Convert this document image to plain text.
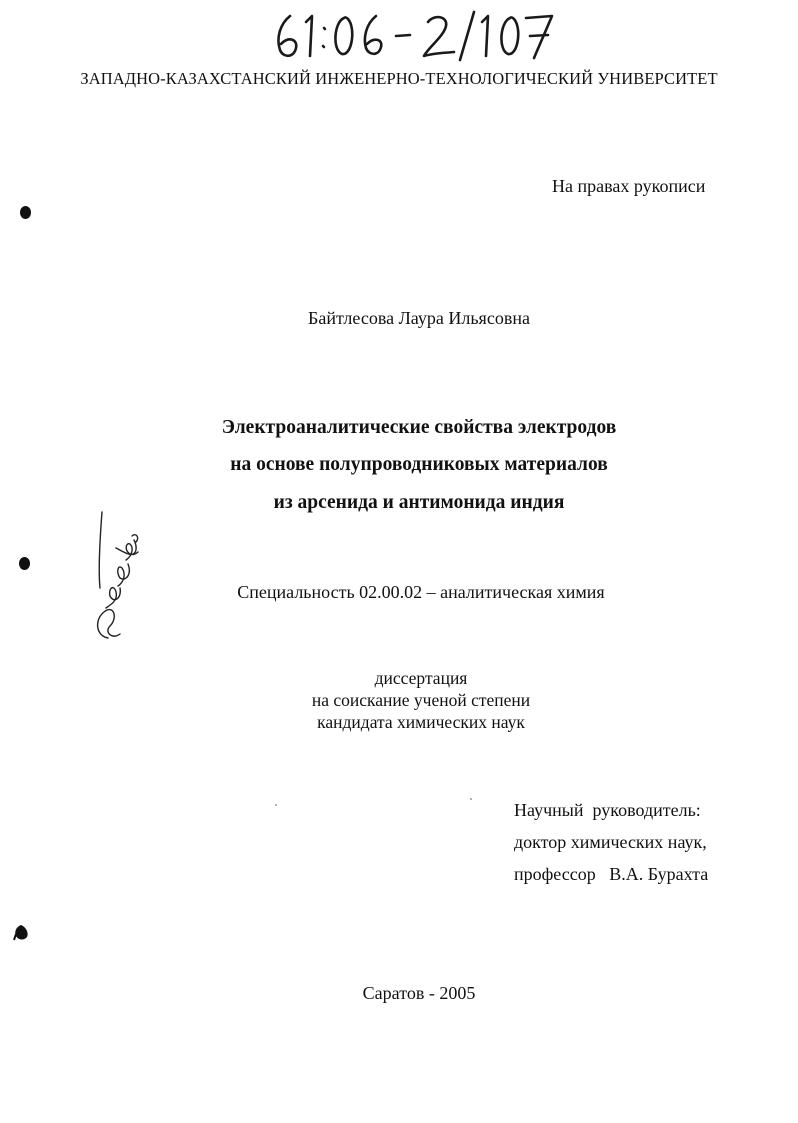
ЗАПАДНО-КАЗАХСТАНСКИЙ ИНЖЕНЕРНО-ТЕХНОЛОГИЧЕСКИЙ УНИВЕРСИТЕТ
На правах рукописи
Байтлесова Лаура Ильясовна
Электроаналитические свойства электродов
на основе полупроводниковых материалов
из арсенида и антимонида индия
Специальность 02.00.02 – аналитическая химия
диссертация
на соискание ученой степени
кандидата химических наук
Научный  руководитель:
доктор химических наук,
профессор   В.А. Бурахта
Саратов - 2005
